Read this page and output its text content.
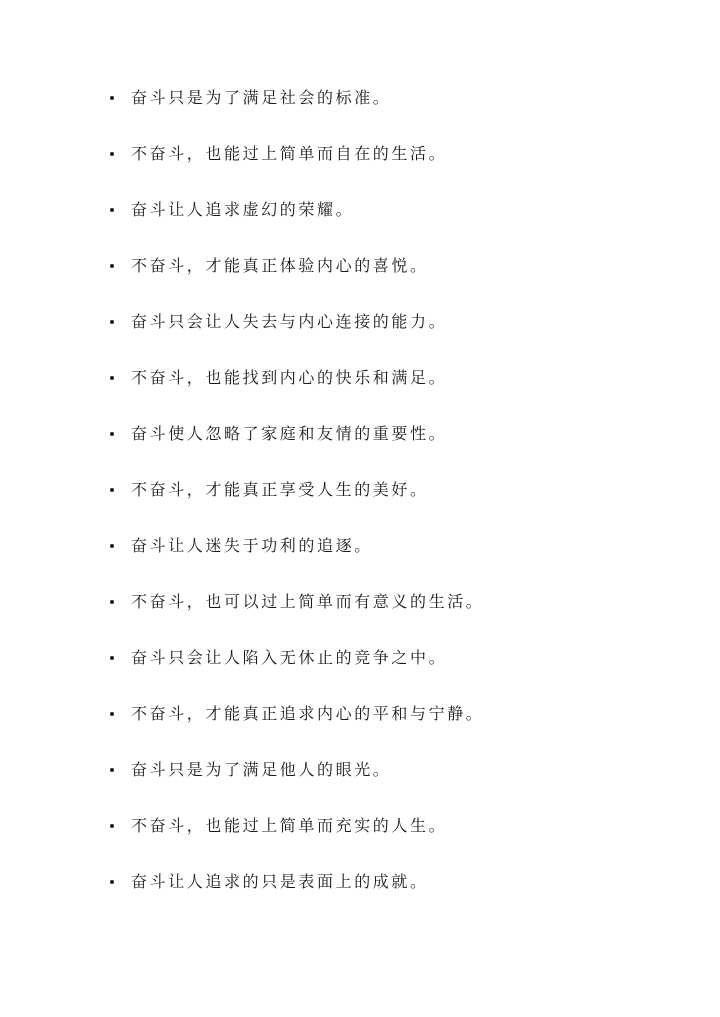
奋斗只是为了满足社会的标准。
不奋斗，也能过上简单而自在的生活。
奋斗让人追求虚幻的荣耀。
不奋斗，才能真正体验内心的喜悦。
奋斗只会让人失去与内心连接的能力。
不奋斗，也能找到内心的快乐和满足。
奋斗使人忽略了家庭和友情的重要性。
不奋斗，才能真正享受人生的美好。
奋斗让人迷失于功利的追逐。
不奋斗，也可以过上简单而有意义的生活。
奋斗只会让人陷入无休止的竞争之中。
不奋斗，才能真正追求内心的平和与宁静。
奋斗只是为了满足他人的眼光。
不奋斗，也能过上简单而充实的人生。
奋斗让人追求的只是表面上的成就。
